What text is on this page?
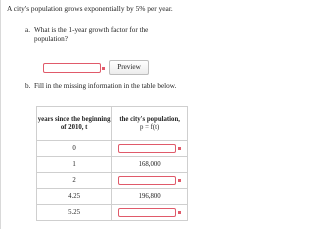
A city's population grows exponentially by 5% per year.
a. What is the 1-year growth factor for the population?
Preview
b. Fill in the missing information in the table below.
years since the beginning of 2010, t	the city's population,
p = f(t)
0	
1	168,000
2	
4.25	196,800
5.25	
